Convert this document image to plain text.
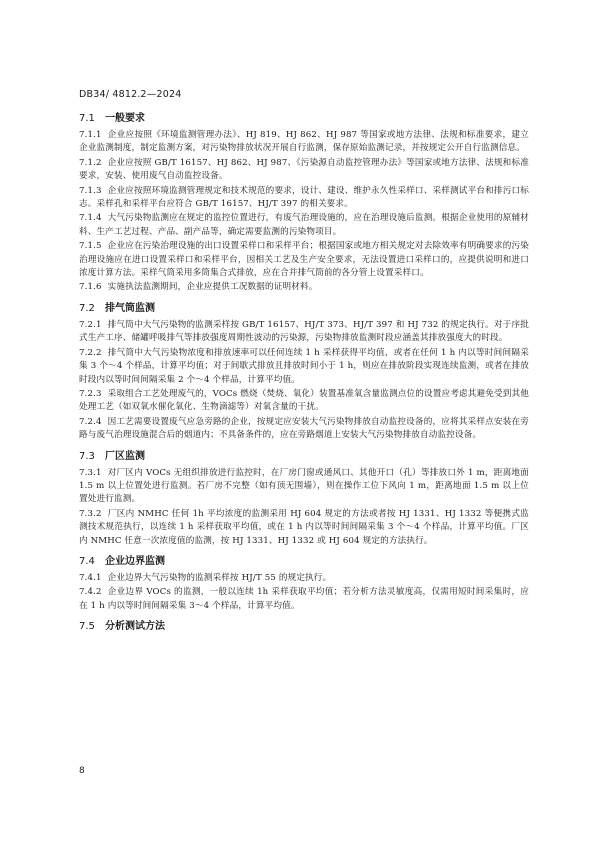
DB34/ 4812.2—2024
7.1 一般要求

7.1.1 企业应按照《环境监测管理办法》、HJ 819、HJ 862、HJ 987 等国家或地方法律、法规和标准要求，建立企业监测制度，制定监测方案，对污染物排放状况开展自行监测，保存原始监测记录，并按规定公开自行监测信息。

7.1.2 企业应按照 GB/T 16157、HJ 862、HJ 987、《污染源自动监控管理办法》等国家或地方法律、法规和标准要求，安装、使用废气自动监控设备。

7.1.3 企业应按照环境监测管理规定和技术规范的要求，设计、建设、维护永久性采样口、采样测试平台和排污口标志。采样孔和采样平台应符合 GB/T 16157、HJ/T 397 的相关要求。

7.1.4 大气污染物监测应在规定的监控位置进行，有废气治理设施的，应在治理设施后监测。根据企业使用的原辅材料、生产工艺过程、产品、副产品等，确定需要监测的污染物项目。

7.1.5 企业应在污染治理设施的出口设置采样口和采样平台；根据国家或地方相关规定对去除效率有明确要求的污染治理设施应在进口设置采样口和采样平台，因相关工艺及生产安全要求，无法设置进口采样口的，应提供说明和进口浓度计算方法。采样气筒采用多筒集合式排放，应在合并排气筒前的各分管上设置采样口。

7.1.6 实施执法监测期间，企业应提供工况数据的证明材料。

7.2 排气筒监测

7.2.1 排气筒中大气污染物的监测采样按 GB/T 16157、HJ/T 373、HJ/T 397 和 HJ 732 的规定执行。对于序批式生产工序、储罐呼吸排气等排放强度周期性波动的污染源，污染物排放监测时段应涵盖其排放强度大的时段。

7.2.2 排气筒中大气污染物浓度和排放速率可以任何连续 1 h 采样获得平均值，或者在任何 1 h 内以等时间间隔采集 3 个～4 个样品，计算平均值；对于间歇式排放且排放时间小于 1 h，则应在排放阶段实现连续监测，或者在排放时段内以等时间间隔采集 2 个～4 个样品，计算平均值。

7.2.3 采取组合工艺处理废气的，VOCs 燃烧（焚烧、氧化）装置基准氧含量监测点位的设置应考虑其避免受到其他处理工艺（如双氧水催化氧化、生物滴滤等）对氧含量的干扰。

7.2.4 因工艺需要设置废气应急旁路的企业，按规定应安装大气污染物排放自动监控设备的，应将其采样点安装在旁路与废气治理设施混合后的烟道内；不具备条件的，应在旁路烟道上安装大气污染物排放自动监控设备。

7.3 厂区监测

7.3.1 对厂区内 VOCs 无组织排放进行监控时，在厂房门窗或通风口、其他开口（孔）等排放口外 1 m，距离地面 1.5 m 以上位置处进行监测。若厂房不完整（如有顶无围墙），则在操作工位下风向 1 m，距离地面 1.5 m 以上位置处进行监测。

7.3.2 厂区内 NMHC 任何 1h 平均浓度的监测采用 HJ 604 规定的方法或者按 HJ 1331、HJ 1332 等便携式监测技术规范执行，以连续 1 h 采样获取平均值，或在 1 h 内以等时间间隔采集 3 个～4 个样品，计算平均值。厂区内 NMHC 任意一次浓度值的监测，按 HJ 1331、HJ 1332 或 HJ 604 规定的方法执行。

7.4 企业边界监测

7.4.1 企业边界大气污染物的监测采样按 HJ/T 55 的规定执行。

7.4.2 企业边界 VOCs 的监测，一般以连续 1h 采样获取平均值；若分析方法灵敏度高，仅需用短时间采集时，应在 1 h 内以等时间间隔采集 3～4 个样品，计算平均值。

7.5 分析测试方法
8
